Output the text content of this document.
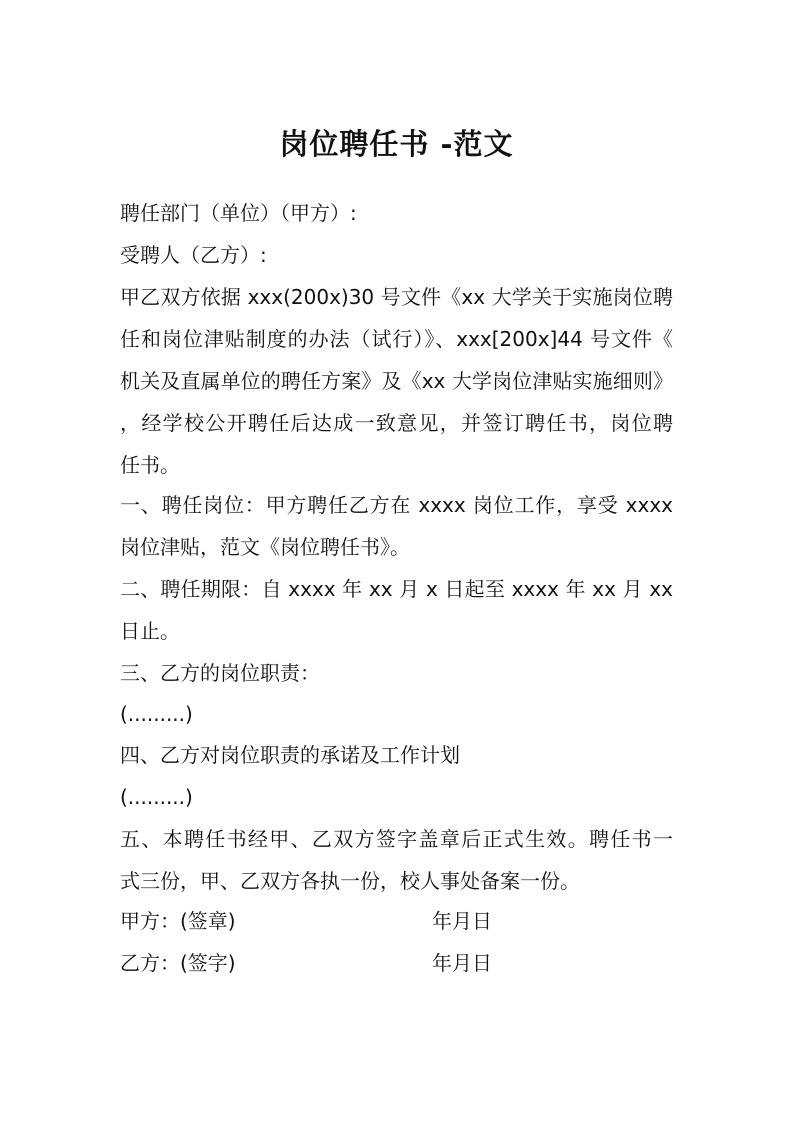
岗位聘任书 -范文
聘任部门（单位）（甲方）:
受聘人（乙方）:
甲乙双方依据 xxx(200x)30 号文件《xx 大学关于实施岗位聘
任和岗位津贴制度的办法（试行）》、xxx[200x]44 号文件《
机关及直属单位的聘任方案》及《xx 大学岗位津贴实施细则》
，经学校公开聘任后达成一致意见，并签订聘任书，岗位聘
任书。
一、聘任岗位：甲方聘任乙方在 xxxx 岗位工作，享受 xxxx
岗位津贴，范文《岗位聘任书》。
二、聘任期限：自 xxxx 年 xx 月 x 日起至 xxxx 年 xx 月 xx
日止。
三、乙方的岗位职责：
(.........)
四、乙方对岗位职责的承诺及工作计划
(.........)
五、本聘任书经甲、乙双方签字盖章后正式生效。聘任书一
式三份，甲、乙双方各执一份，校人事处备案一份。
甲方：(签章)	年月日
乙方：(签字)	年月日
